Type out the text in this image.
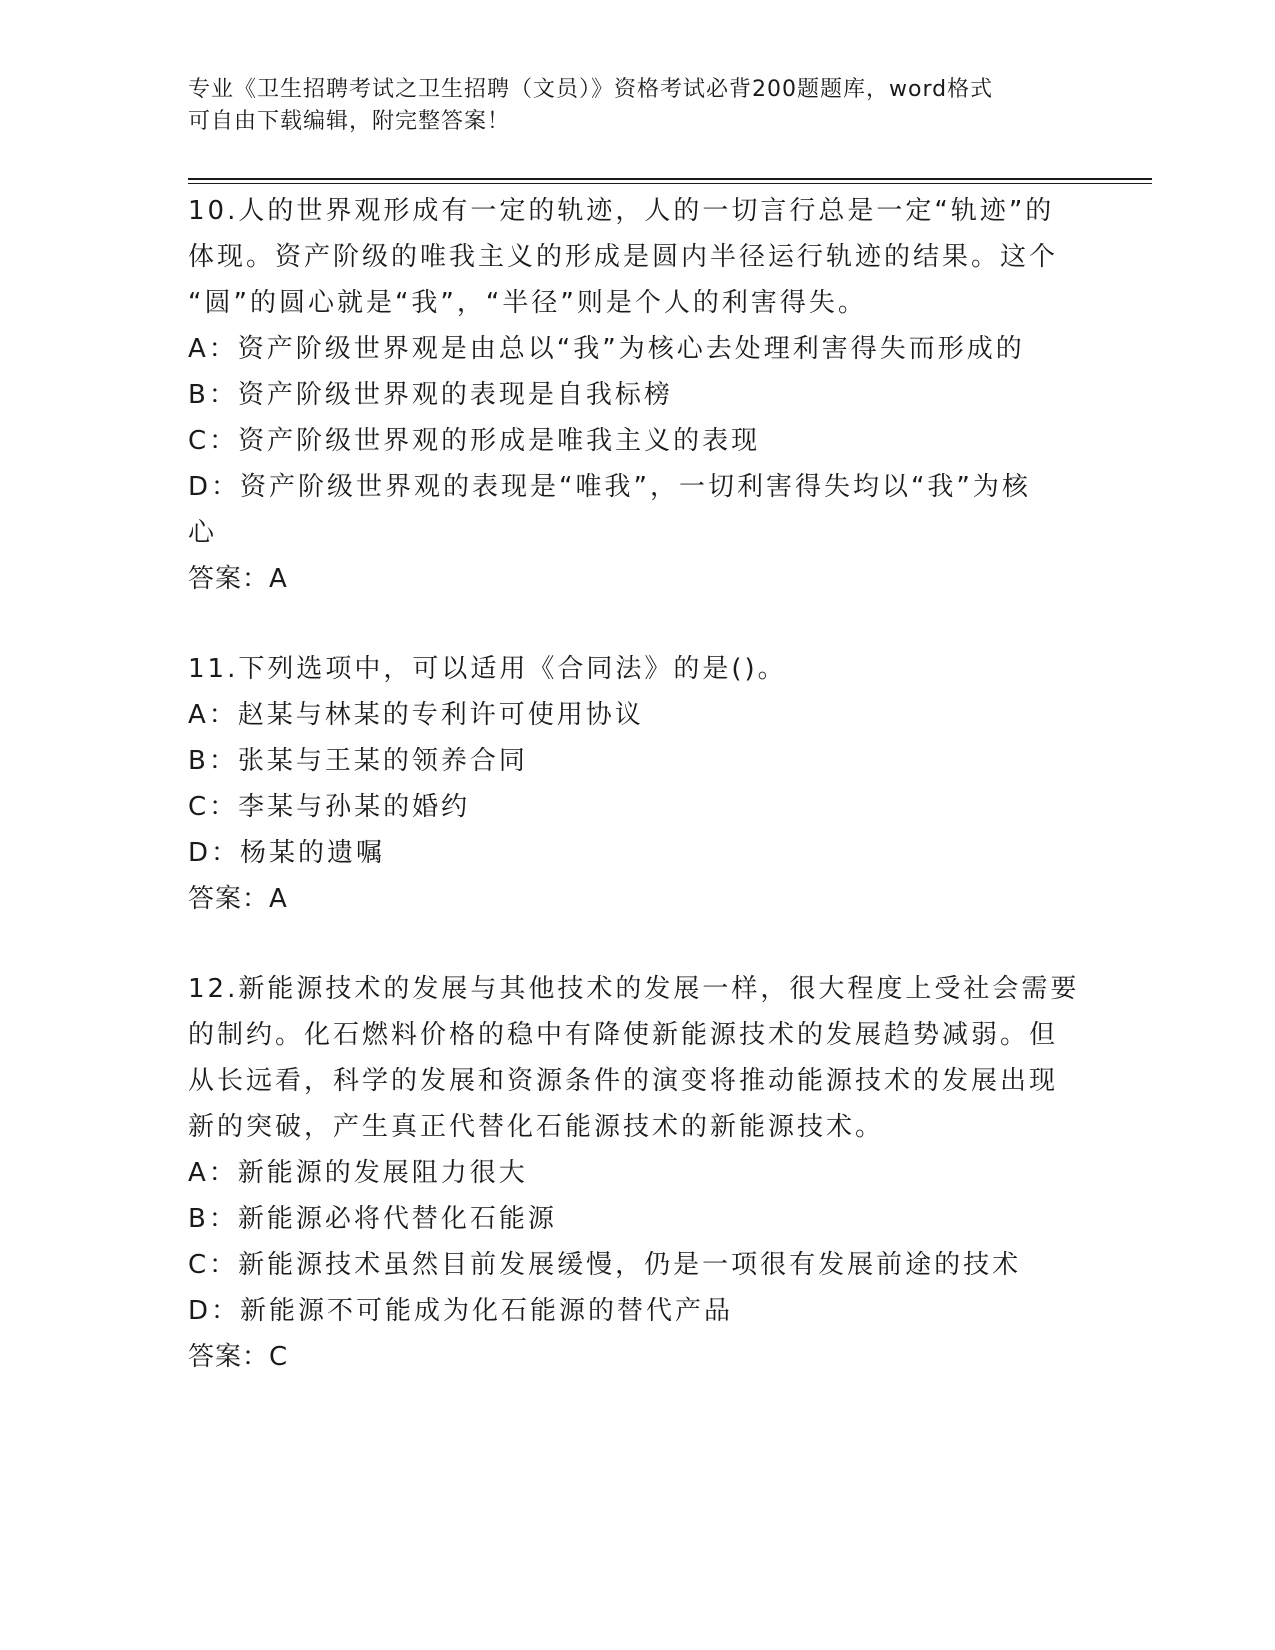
专业《卫生招聘考试之卫生招聘（文员）》资格考试必背200题题库，word格式
可自由下载编辑，附完整答案！
10.人的世界观形成有一定的轨迹，人的一切言行总是一定“轨迹”的
体现。资产阶级的唯我主义的形成是圆内半径运行轨迹的结果。这个
“圆”的圆心就是“我”，“半径”则是个人的利害得失。
A：资产阶级世界观是由总以“我”为核心去处理利害得失而形成的
B：资产阶级世界观的表现是自我标榜
C：资产阶级世界观的形成是唯我主义的表现
D：资产阶级世界观的表现是“唯我”，一切利害得失均以“我”为核
心
答案：A
11.下列选项中，可以适用《合同法》的是()。
A：赵某与林某的专利许可使用协议
B：张某与王某的领养合同
C：李某与孙某的婚约
D：杨某的遗嘱
答案：A
12.新能源技术的发展与其他技术的发展一样，很大程度上受社会需要
的制约。化石燃料价格的稳中有降使新能源技术的发展趋势减弱。但
从长远看，科学的发展和资源条件的演变将推动能源技术的发展出现
新的突破，产生真正代替化石能源技术的新能源技术。
A：新能源的发展阻力很大
B：新能源必将代替化石能源
C：新能源技术虽然目前发展缓慢，仍是一项很有发展前途的技术
D：新能源不可能成为化石能源的替代产品
答案：C
